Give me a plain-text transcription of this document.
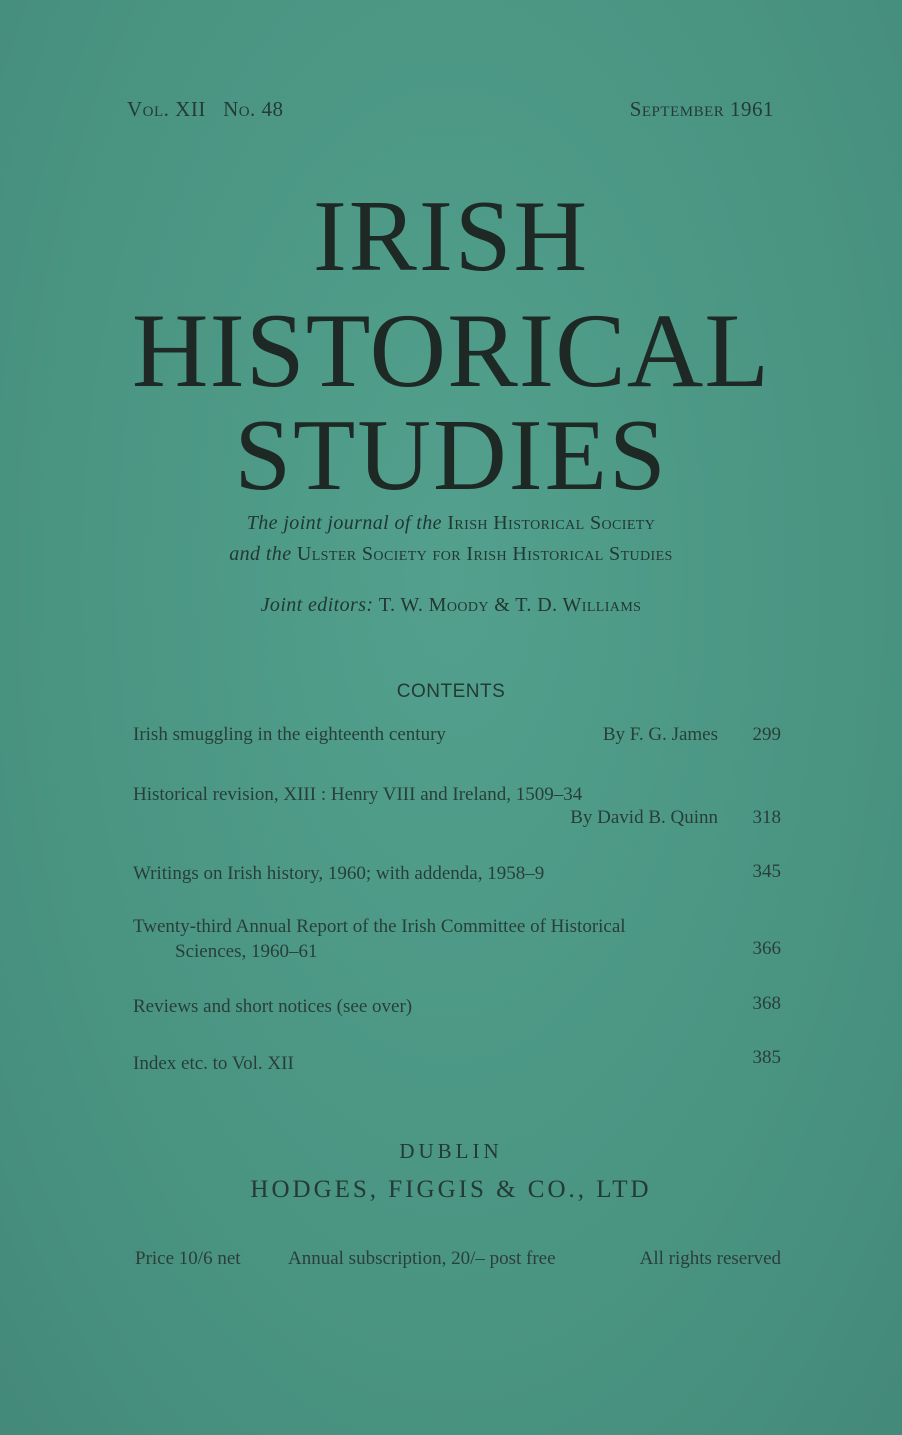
Vol. XII No. 48	September 1961
IRISH
HISTORICAL
STUDIES
The joint journal of the Irish Historical Society
and the Ulster Society for Irish Historical Studies
Joint editors: T. W. Moody & T. D. Williams
CONTENTS
Irish smuggling in the eighteenth century	By F. G. James	299
Historical revision, XIII : Henry VIII and Ireland, 1509–34
By David B. Quinn	318
Writings on Irish history, 1960; with addenda, 1958–9	345
Twenty-third Annual Report of the Irish Committee of Historical
Sciences, 1960–61	366
Reviews and short notices (see over)	368
Index etc. to Vol. XII	385
DUBLIN
HODGES, FIGGIS & CO., LTD
Price 10/6 net Annual subscription, 20/– post free	All rights reserved
